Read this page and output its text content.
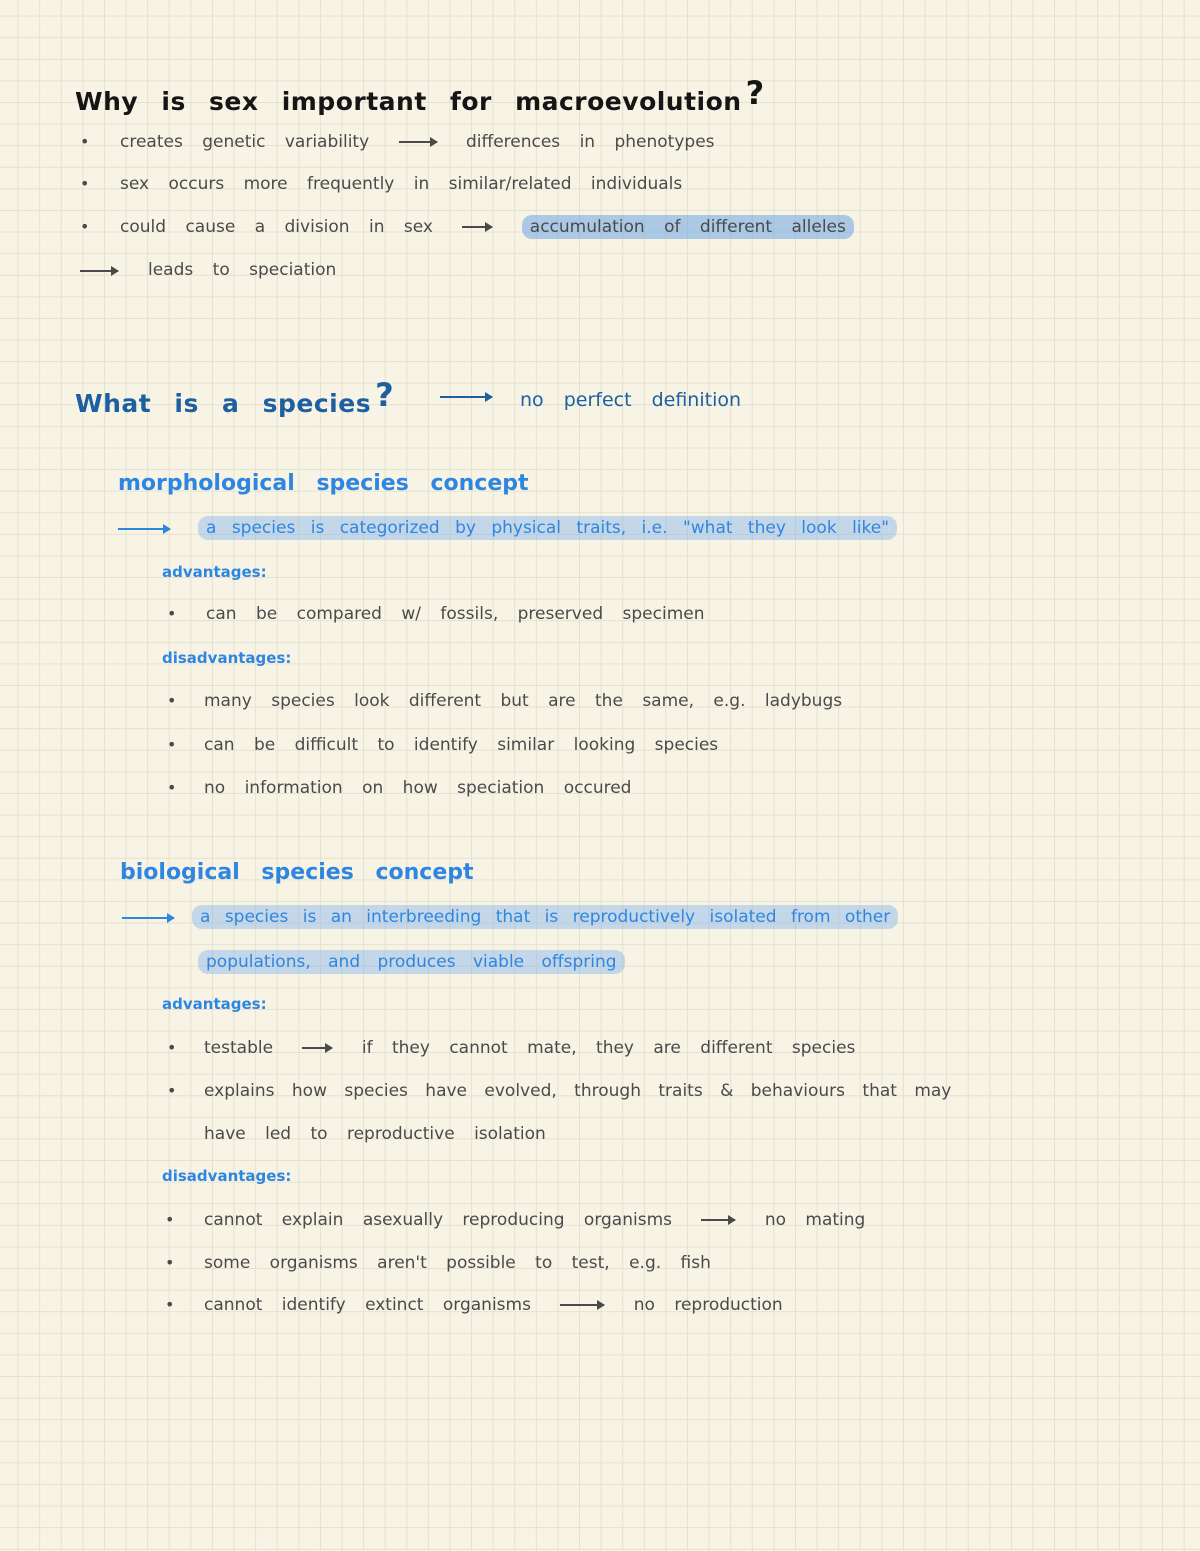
Why is sex important for macroevolution ?
• creates genetic variability	differences in phenotypes
• sex occurs more frequently in similar/related individuals
• could cause a division in sex	accumulation of different alleles
leads to speciation
What is a species ?	no perfect definition
morphological species concept
a species is categorized by physical traits, i.e. "what they look like"
advantages:
• can be compared w/ fossils, preserved specimen
disadvantages:
• many species look different but are the same, e.g. ladybugs
• can be difficult to identify similar looking species
• no information on how speciation occured
biological species concept
a species is an interbreeding that is reproductively isolated from other
populations, and produces viable offspring
advantages:
• testable	if they cannot mate, they are different species
• explains how species have evolved, through traits & behaviours that may
have led to reproductive isolation
disadvantages:
• cannot explain asexually reproducing organisms	no mating
• some organisms aren't possible to test, e.g. fish
• cannot identify extinct organisms	no reproduction
